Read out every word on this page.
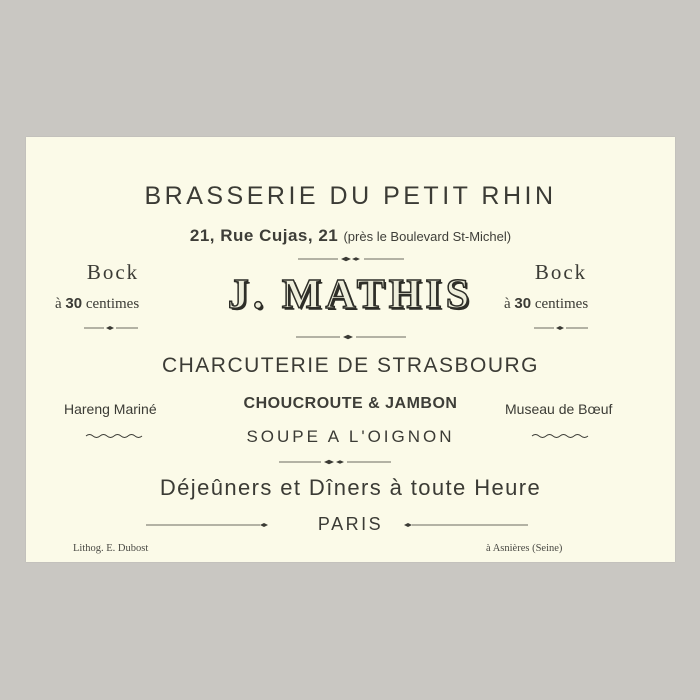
BRASSERIE DU PETIT RHIN
21, Rue Cujas, 21 (près le Boulevard St-Michel)
Bock
à 30 centimes
Bock
à 30 centimes
J. MATHIS
CHARCUTERIE DE STRASBOURG
Hareng Mariné	CHOUCROUTE & JAMBON	Museau de Bœuf
SOUPE A L'OIGNON
Déjeûners et Dîners à toute Heure
PARIS
Lithog. E. Dubost	à Asnières (Seine)
